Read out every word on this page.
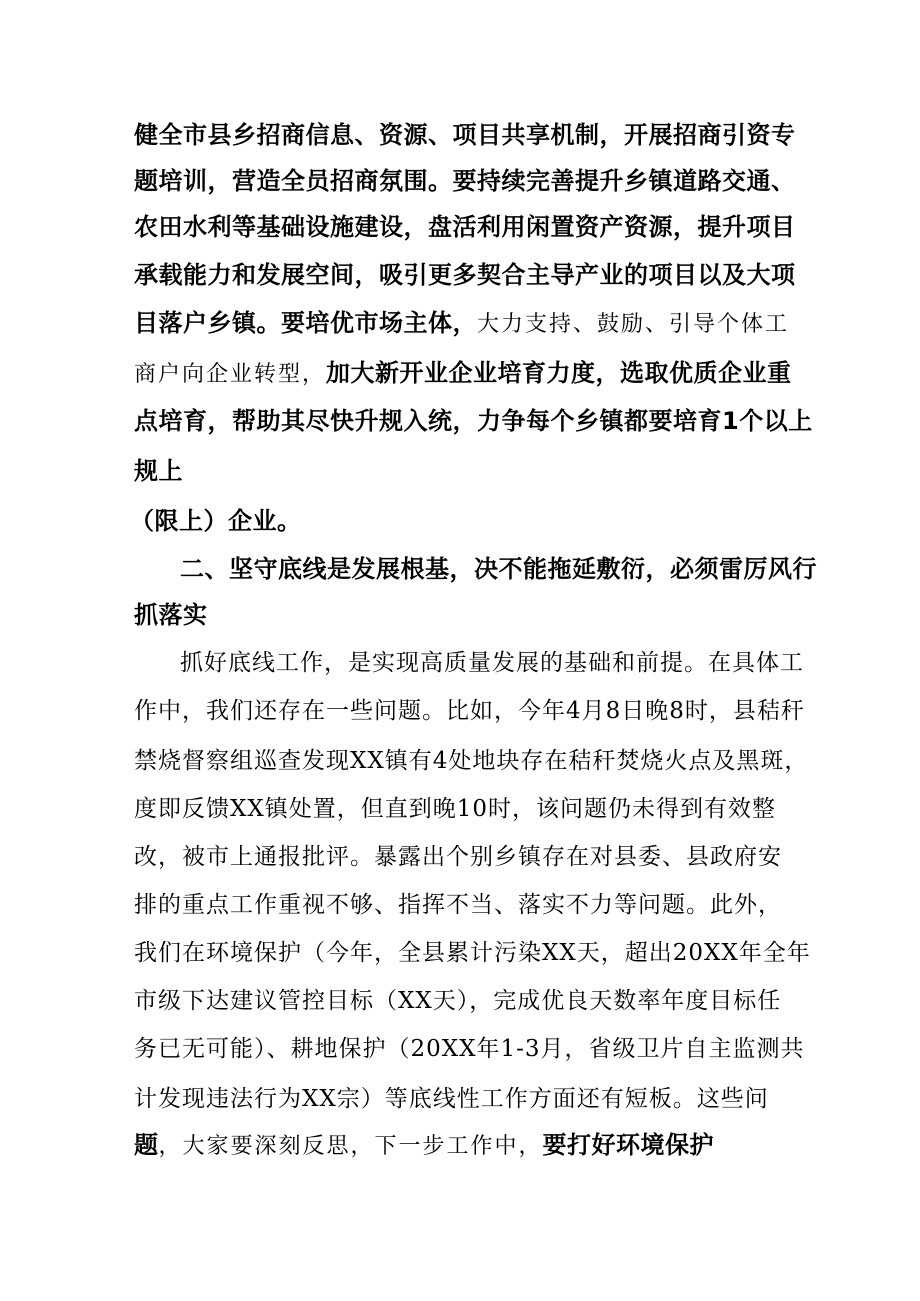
健全市县乡招商信息、资源、项目共享机制，开展招商引资专
题培训，营造全员招商氛围。要持续完善提升乡镇道路交通、
农田水利等基础设施建设，盘活利用闲置资产资源，提升项目
承载能力和发展空间，吸引更多契合主导产业的项目以及大项
目落户乡镇。要培优市场主体，大力支持、鼓励、引导个体工
商户向企业转型，加大新开业企业培育力度，选取优质企业重
点培育，帮助其尽快升规入统，力争每个乡镇都要培育1个以上
规上
（限上）企业。
二、坚守底线是发展根基，决不能拖延敷衍，必须雷厉风行
抓落实
抓好底线工作，是实现高质量发展的基础和前提。在具体工
作中，我们还存在一些问题。比如，今年4月8日晚8时，县秸秆
禁烧督察组巡查发现XX镇有4处地块存在秸秆焚烧火点及黑斑，
度即反馈XX镇处置，但直到晚10时，该问题仍未得到有效整
改，被市上通报批评。暴露出个别乡镇存在对县委、县政府安
排的重点工作重视不够、指挥不当、落实不力等问题。此外，
我们在环境保护（今年，全县累计污染XX天，超出20XX年全年
市级下达建议管控目标（XX天），完成优良天数率年度目标任
务已无可能）、耕地保护（20XX年1-3月，省级卫片自主监测共
计发现违法行为XX宗）等底线性工作方面还有短板。这些问
题，大家要深刻反思，下一步工作中，要打好环境保护
